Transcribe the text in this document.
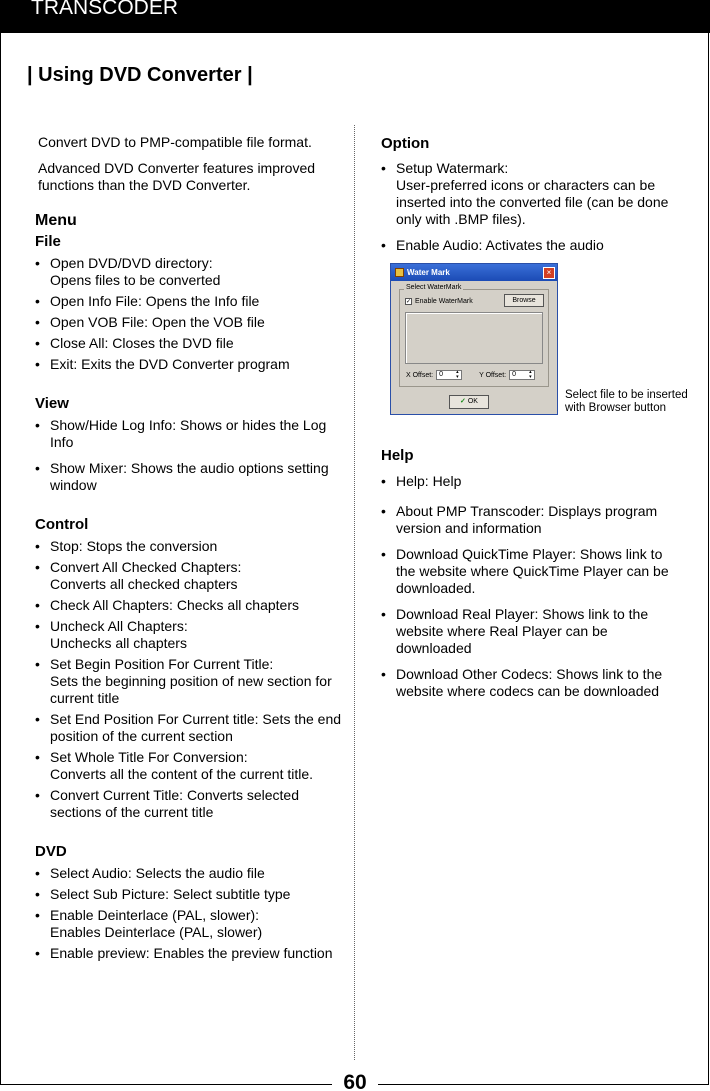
TRANSCODER
60
| Using DVD Converter |

Convert DVD to PMP-compatible file format.

Advanced DVD Converter features improved functions than the DVD Converter.

Menu
File
• Open DVD/DVD directory:
Opens files to be converted
• Open Info File: Opens the Info file
• Open VOB File: Open the VOB file
• Close All: Closes the DVD file
• Exit: Exits the DVD Converter program
View
• Show/Hide Log Info: Shows or hides the Log Info
• Show Mixer: Shows the audio options setting window
Control
• Stop: Stops the conversion
• Convert All Checked Chapters:
Converts all checked chapters
• Check All Chapters: Checks all chapters
• Uncheck All Chapters:
Unchecks all chapters
• Set Begin Position For Current Title:
Sets the beginning position of new section for current title
• Set End Position For Current title: Sets the end position of the current section
• Set Whole Title For Conversion:
Converts all the content of the current title.
• Convert Current Title: Converts selected sections of the current title
DVD
• Select Audio: Selects the audio file
• Select Sub Picture: Select subtitle type
• Enable Deinterlace (PAL, slower):
Enables Deinterlace (PAL, slower)
• Enable preview: Enables the preview function
Option
• Setup Watermark:
User-preferred icons or characters can be inserted into the converted file (can be done only with .BMP files).
• Enable Audio: Activates the audio
Help
• Help: Help
• About PMP Transcoder: Displays program version and information
• Download QuickTime Player: Shows link to the website where QuickTime Player can be downloaded.
• Download Real Player: Shows link to the website where Real Player can be downloaded
• Download Other Codecs: Shows link to the website where codecs can be downloaded
Water Mark	×
Select WaterMark
✓ Enable WaterMark	Browse
X Offset: 0 ▴▾	Y Offset: 0 ▴▾
✓ OK
Select file to be inserted with Browser button
